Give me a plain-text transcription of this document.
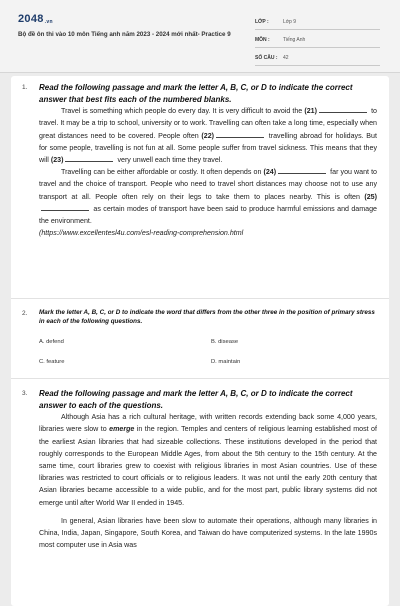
2048.vn
Bộ đề ôn thi vào 10 môn Tiếng anh năm 2023 - 2024 mới nhất- Practice 9
LỚP :	Lớp 9
MÔN :	Tiếng Anh
SỐ CÂU :	42
1. Read the following passage and mark the letter A, B, C, or D to indicate the correct answer that best fits each of the numbered blanks.

Travel is something which people do every day. It is very difficult to avoid the (21)	to travel. It may be a trip to school, university or to work. Travelling can often take a long time, especially when great distances need to be covered. People often (22)	travelling abroad for holidays. But for some people, travelling is not fun at all. Some people suffer from travel sickness. This means that they will (23)	very unwell each time they travel.

Travelling can be either affordable or costly. It often depends on (24)	far you want to travel and the choice of transport. People who need to travel short distances may choose not to use any transport at all. People often rely on their legs to take them to places nearby. This is often (25) as certain modes of transport have been said to produce harmful emissions and damage the environment.

(https://www.excellentesl4u.com/esl-reading-comprehension.html
2. Mark the letter A, B, C, or D to indicate the word that differs from the other three in the position of primary stress in each of the following questions.
A. defend	B. disease
C. feature	D. maintain
3. Read the following passage and mark the letter A, B, C, or D to indicate the correct answer to each of the questions.

Although Asia has a rich cultural heritage, with written records extending back some 4,000 years, libraries were slow to emerge in the region. Temples and centers of religious learning established most of the earliest Asian libraries that had sizeable collections. These institutions developed in the period that roughly corresponds to the European Middle Ages, from about the 5th century to the 15th century. At the same time, court libraries grew to coexist with religious libraries in most Asian countries. Use of these libraries was restricted to court officials or to religious leaders. It was not until the early 20th century that Asian libraries became accessible to a wide public, and for the most part, public library systems did not emerge until after World War II ended in 1945.

In general, Asian libraries have been slow to automate their operations, although many libraries in China, India, Japan, Singapore, South Korea, and Taiwan do have computerized systems. In the late 1990s most computer use in Asia was
